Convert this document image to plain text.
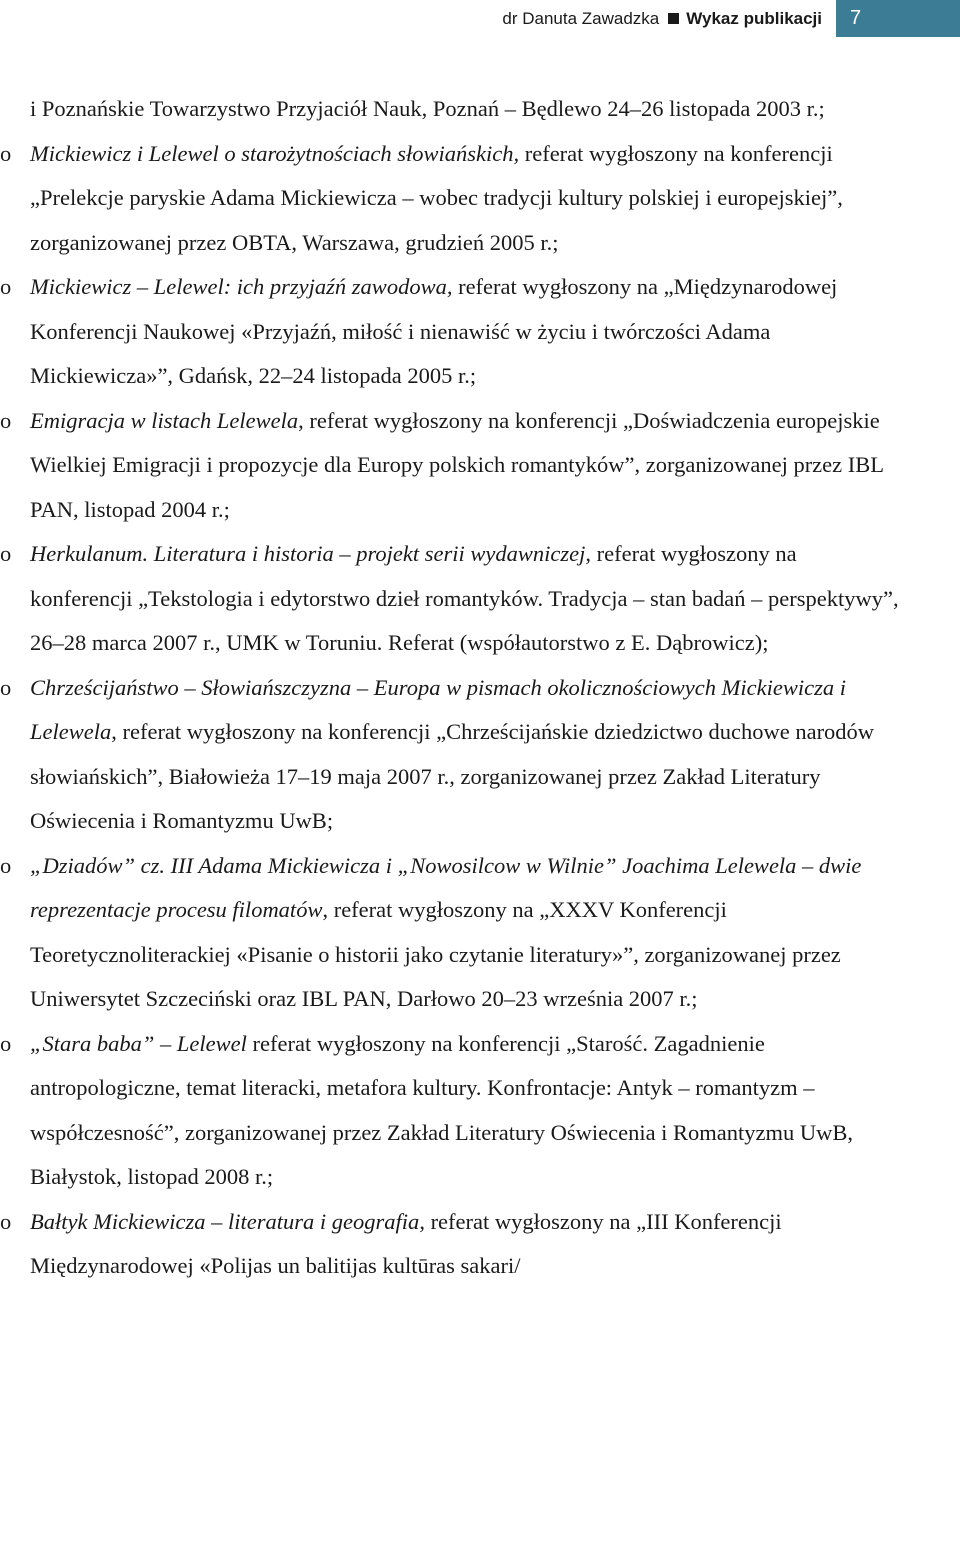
dr Danuta Zawadzka Wykaz publikacji	7
i Poznańskie Towarzystwo Przyjaciół Nauk, Poznań – Będlewo 24–26 listopada 2003 r.;
o Mickiewicz i Lelewel o starożytnościach słowiańskich, referat wygłoszony na konferencji „Prelekcje paryskie Adama Mickiewicza – wobec tradycji kultury polskiej i europejskiej”, zorganizowanej przez OBTA, Warszawa, grudzień 2005 r.;
o Mickiewicz – Lelewel: ich przyjaźń zawodowa, referat wygłoszony na „Międzynarodowej Konferencji Naukowej «Przyjaźń, miłość i nienawiść w życiu i twórczości Adama Mickiewicza»”, Gdańsk, 22–24 listopada 2005 r.;
o Emigracja w listach Lelewela, referat wygłoszony na konferencji „Doświadczenia europejskie Wielkiej Emigracji i propozycje dla Europy polskich romantyków”, zorganizowanej przez IBL PAN, listopad 2004 r.;
o Herkulanum. Literatura i historia – projekt serii wydawniczej, referat wygłoszony na konferencji „Tekstologia i edytorstwo dzieł romantyków. Tradycja – stan badań – perspektywy”, 26–28 marca 2007 r., UMK w Toruniu. Referat (współautorstwo z E. Dąbrowicz);
o Chrześcijaństwo – Słowiańszczyzna – Europa w pismach okolicznościowych Mickiewicza i Lelewela, referat wygłoszony na konferencji „Chrześcijańskie dziedzictwo duchowe narodów słowiańskich”, Białowieża 17–19 maja 2007 r., zorganizowanej przez Zakład Literatury Oświecenia i Romantyzmu UwB;
o „Dziadów” cz. III Adama Mickiewicza i „Nowosilcow w Wilnie” Joachima Lelewela – dwie reprezentacje procesu filomatów, referat wygłoszony na „XXXV Konferencji Teoretycznoliterackiej «Pisanie o historii jako czytanie literatury»”, zorganizowanej przez Uniwersytet Szczeciński oraz IBL PAN, Darłowo 20–23 września 2007 r.;
o „Stara baba” – Lelewel referat wygłoszony na konferencji „Starość. Zagadnienie antropologiczne, temat literacki, metafora kultury. Konfrontacje: Antyk – romantyzm – współczesność”, zorganizowanej przez Zakład Literatury Oświecenia i Romantyzmu UwB, Białystok, listopad 2008 r.;
o Bałtyk Mickiewicza – literatura i geografia, referat wygłoszony na „III Konferencji Międzynarodowej «Polijas un balitijas kultūras sakari/
